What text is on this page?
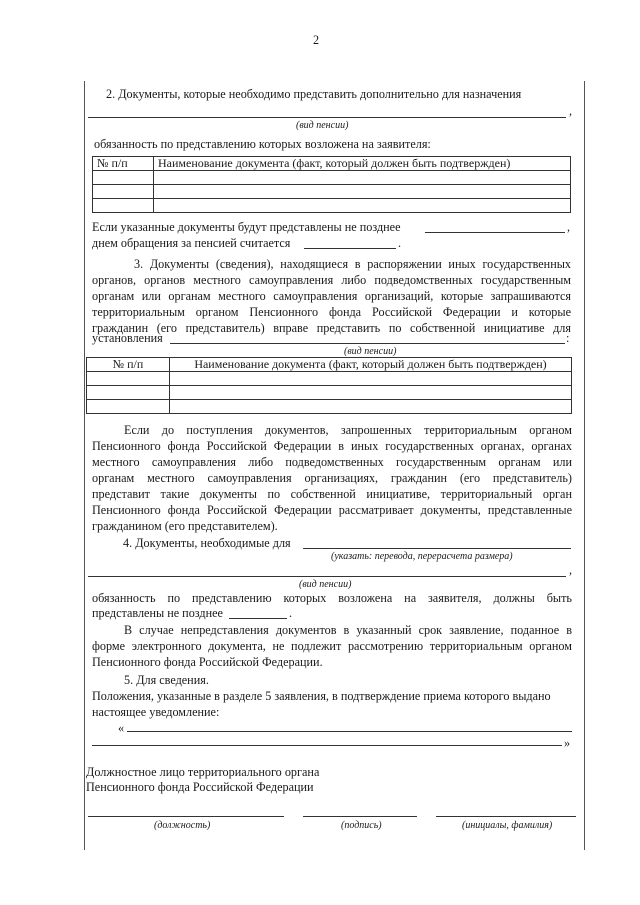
2
2. Документы, которые необходимо представить дополнительно для назначения
,
(вид пенсии)
обязанность по представлению которых возложена на заявителя:
№ п/п	Наименование документа (факт, который должен быть подтвержден)

Если указанные документы будут представлены не позднее	,
днем обращения за пенсией считается	.
3. Документы (сведения), находящиеся в распоряжении иных государственных
органов, органов местного самоуправления либо подведомственных государственным
органам или органам местного самоуправления организаций, которые запрашиваются
территориальным органом Пенсионного фонда Российской Федерации и которые
гражданин (его представитель) вправе представить по собственной инициативе для
установления	:
(вид пенсии)
№ п/п	Наименование документа (факт, который должен быть подтвержден)

Если до поступления документов, запрошенных территориальным органом
Пенсионного фонда Российской Федерации в иных государственных органах, органах
местного самоуправления либо подведомственных государственным органам или
органам местного самоуправления организациях, гражданин (его представитель)
представит такие документы по собственной инициативе, территориальный орган
Пенсионного фонда Российской Федерации рассматривает документы, представленные
гражданином (его представителем).
4. Документы, необходимые для
(указать: перевода, перерасчета размера)
,
(вид пенсии)
обязанность по представлению которых возложена на заявителя, должны быть
представлены не позднее	.
В случае непредставления документов в указанный срок заявление, поданное в
форме электронного документа, не подлежит рассмотрению территориальным органом
Пенсионного фонда Российской Федерации.
5. Для сведения.
Положения, указанные в разделе 5 заявления, в подтверждение приема которого выдано
настоящее уведомление:
«
»
Должностное лицо территориального органа
Пенсионного фонда Российской Федерации
(должность)	(подпись)	(инициалы, фамилия)
